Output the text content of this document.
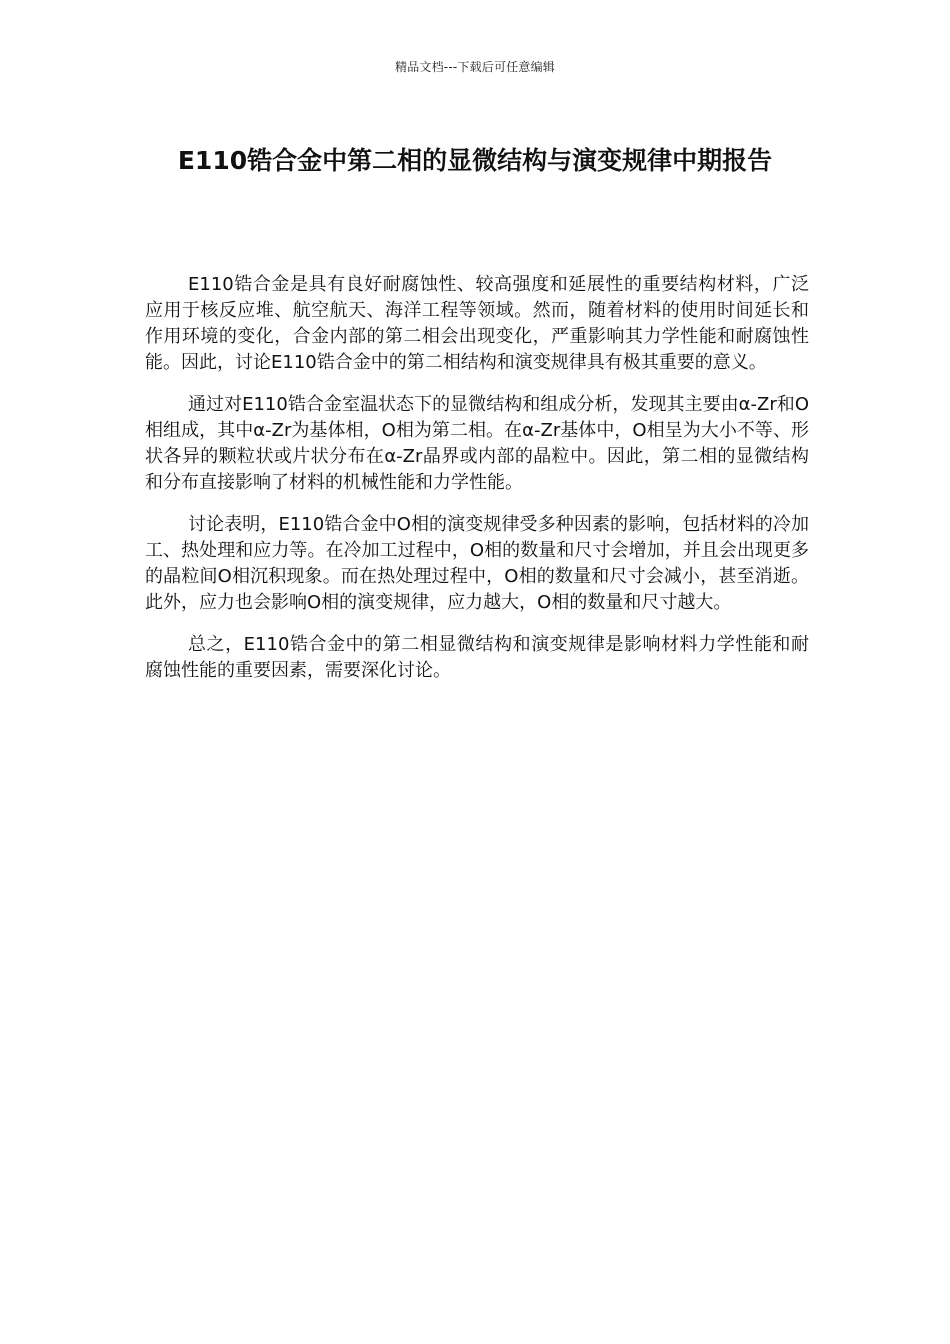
精品文档---下载后可任意编辑
E110锆合金中第二相的显微结构与演变规律中期报告

E110锆合金是具有良好耐腐蚀性、较高强度和延展性的重要结构材料，广泛应用于核反应堆、航空航天、海洋工程等领域。然而，随着材料的使用时间延长和作用环境的变化，合金内部的第二相会出现变化，严重影响其力学性能和耐腐蚀性能。因此，讨论E110锆合金中的第二相结构和演变规律具有极其重要的意义。

通过对E110锆合金室温状态下的显微结构和组成分析，发现其主要由α-Zr和O相组成，其中α-Zr为基体相，O相为第二相。在α-Zr基体中，O相呈为大小不等、形状各异的颗粒状或片状分布在α-Zr晶界或内部的晶粒中。因此，第二相的显微结构和分布直接影响了材料的机械性能和力学性能。

讨论表明，E110锆合金中O相的演变规律受多种因素的影响，包括材料的冷加工、热处理和应力等。在冷加工过程中，O相的数量和尺寸会增加，并且会出现更多的晶粒间O相沉积现象。而在热处理过程中，O相的数量和尺寸会减小，甚至消逝。此外，应力也会影响O相的演变规律，应力越大，O相的数量和尺寸越大。

总之，E110锆合金中的第二相显微结构和演变规律是影响材料力学性能和耐腐蚀性能的重要因素，需要深化讨论。
